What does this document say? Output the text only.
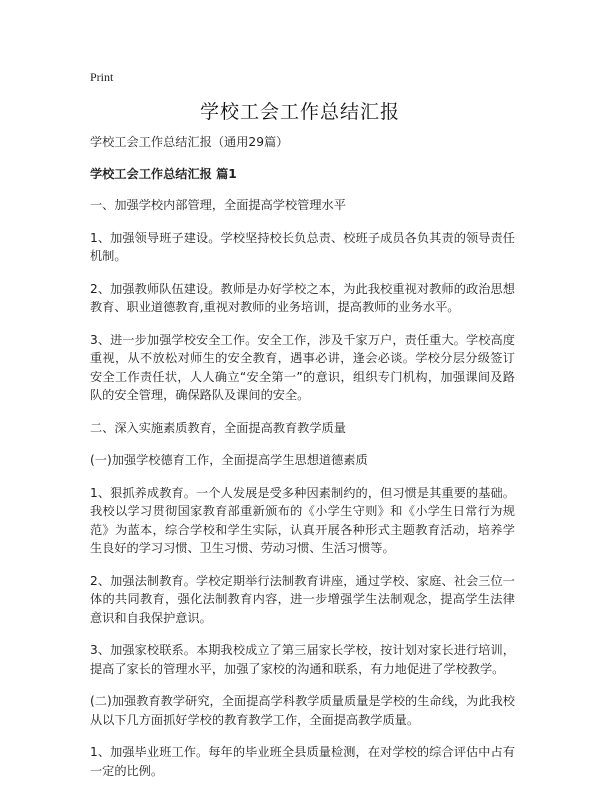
Print
学校工会工作总结汇报

学校工会工作总结汇报（通用29篇）

学校工会工作总结汇报 篇1

一、加强学校内部管理，全面提高学校管理水平

1、加强领导班子建设。学校坚持校长负总责、校班子成员各负其责的领导责任机制。

2、加强教师队伍建设。教师是办好学校之本，为此我校重视对教师的政治思想教育、职业道德教育,重视对教师的业务培训，提高教师的业务水平。

3、进一步加强学校安全工作。安全工作，涉及千家万户，责任重大。学校高度重视，从不放松对师生的安全教育，遇事必讲，逢会必谈。学校分层分级签订安全工作责任状，人人确立“安全第一”的意识，组织专门机构，加强课间及路队的安全管理，确保路队及课间的安全。

二、深入实施素质教育，全面提高教育教学质量

(一)加强学校德育工作，全面提高学生思想道德素质

1、狠抓养成教育。一个人发展是受多种因素制约的，但习惯是其重要的基础。我校以学习贯彻国家教育部重新颁布的《小学生守则》和《小学生日常行为规范》为蓝本，综合学校和学生实际，认真开展各种形式主题教育活动，培养学生良好的学习习惯、卫生习惯、劳动习惯、生活习惯等。

2、加强法制教育。学校定期举行法制教育讲座，通过学校、家庭、社会三位一体的共同教育，强化法制教育内容，进一步增强学生法制观念，提高学生法律意识和自我保护意识。

3、加强家校联系。本期我校成立了第三届家长学校，按计划对家长进行培训，提高了家长的管理水平，加强了家校的沟通和联系，有力地促进了学校教学。

(二)加强教育教学研究，全面提高学科教学质量质量是学校的生命线，为此我校从以下几方面抓好学校的教育教学工作，全面提高教学质量。

1、加强毕业班工作。每年的毕业班全县质量检测，在对学校的综合评估中占有一定的比例。
